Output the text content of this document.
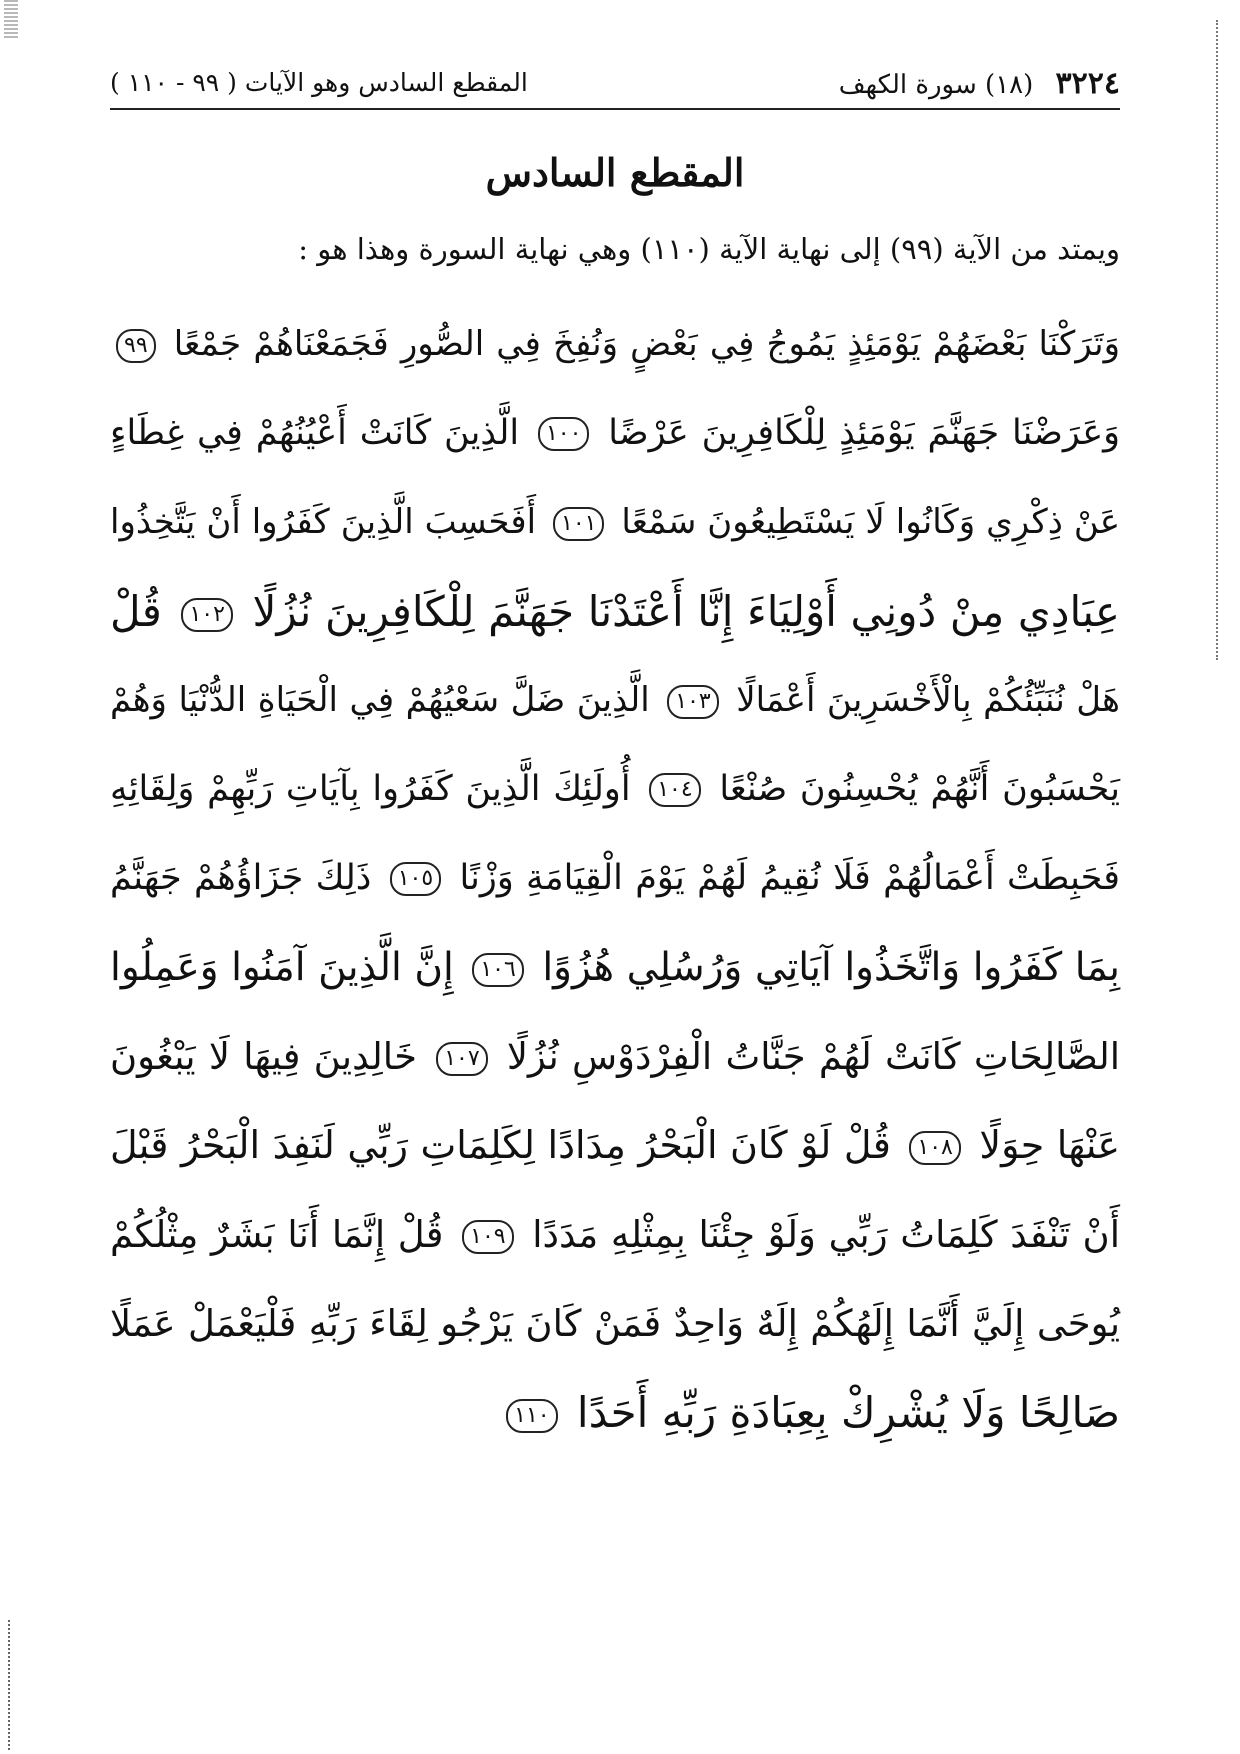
٣٢٢٤ (١٨) سورة الكهف
المقطع السادس وهو الآيات ( ٩٩ - ١١٠ )
المقطع السادس
ويمتد من الآية (٩٩) إلى نهاية الآية (١١٠) وهي نهاية السورة وهذا هو :
وَتَرَكْنَا بَعْضَهُمْ يَوْمَئِذٍ يَمُوجُ فِي بَعْضٍ وَنُفِخَ فِي الصُّورِ فَجَمَعْنَاهُمْ جَمْعًا ٩٩
وَعَرَضْنَا جَهَنَّمَ يَوْمَئِذٍ لِلْكَافِرِينَ عَرْضًا ١٠٠ الَّذِينَ كَانَتْ أَعْيُنُهُمْ فِي غِطَاءٍ
عَنْ ذِكْرِي وَكَانُوا لَا يَسْتَطِيعُونَ سَمْعًا ١٠١ أَفَحَسِبَ الَّذِينَ كَفَرُوا أَنْ يَتَّخِذُوا
عِبَادِي مِنْ دُونِي أَوْلِيَاءَ إِنَّا أَعْتَدْنَا جَهَنَّمَ لِلْكَافِرِينَ نُزُلًا ١٠٢ قُلْ
هَلْ نُنَبِّئُكُمْ بِالْأَخْسَرِينَ أَعْمَالًا ١٠٣ الَّذِينَ ضَلَّ سَعْيُهُمْ فِي الْحَيَاةِ الدُّنْيَا وَهُمْ
يَحْسَبُونَ أَنَّهُمْ يُحْسِنُونَ صُنْعًا ١٠٤ أُولَئِكَ الَّذِينَ كَفَرُوا بِآيَاتِ رَبِّهِمْ وَلِقَائِهِ
فَحَبِطَتْ أَعْمَالُهُمْ فَلَا نُقِيمُ لَهُمْ يَوْمَ الْقِيَامَةِ وَزْنًا ١٠٥ ذَلِكَ جَزَاؤُهُمْ جَهَنَّمُ
بِمَا كَفَرُوا وَاتَّخَذُوا آيَاتِي وَرُسُلِي هُزُوًا ١٠٦ إِنَّ الَّذِينَ آمَنُوا وَعَمِلُوا
الصَّالِحَاتِ كَانَتْ لَهُمْ جَنَّاتُ الْفِرْدَوْسِ نُزُلًا ١٠٧ خَالِدِينَ فِيهَا لَا يَبْغُونَ
عَنْهَا حِوَلًا ١٠٨ قُلْ لَوْ كَانَ الْبَحْرُ مِدَادًا لِكَلِمَاتِ رَبِّي لَنَفِدَ الْبَحْرُ قَبْلَ
أَنْ تَنْفَدَ كَلِمَاتُ رَبِّي وَلَوْ جِئْنَا بِمِثْلِهِ مَدَدًا ١٠٩ قُلْ إِنَّمَا أَنَا بَشَرٌ مِثْلُكُمْ
يُوحَى إِلَيَّ أَنَّمَا إِلَهُكُمْ إِلَهٌ وَاحِدٌ فَمَنْ كَانَ يَرْجُو لِقَاءَ رَبِّهِ فَلْيَعْمَلْ عَمَلًا
صَالِحًا وَلَا يُشْرِكْ بِعِبَادَةِ رَبِّهِ أَحَدًا ١١٠
